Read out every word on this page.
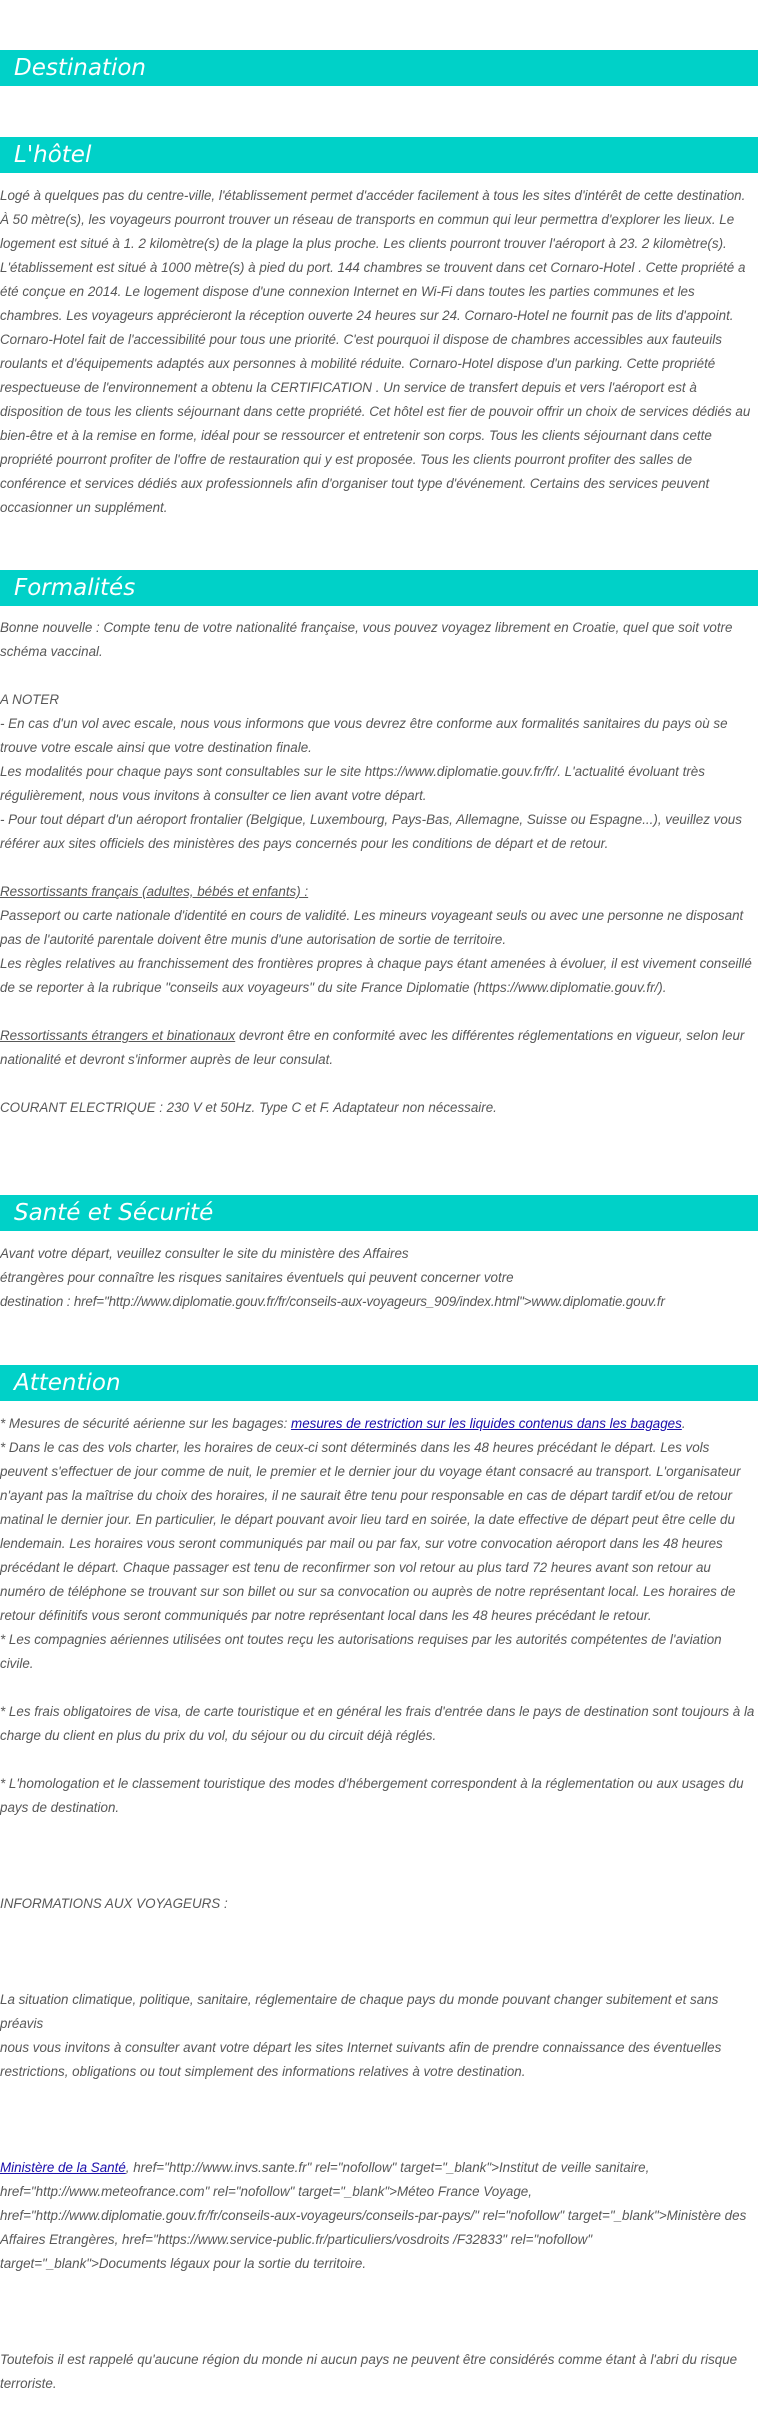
Destination
L'hôtel

Logé à quelques pas du centre-ville, l'établissement permet d'accéder facilement à tous les sites d'intérêt de cette destination. À 50 mètre(s), les voyageurs pourront trouver un réseau de transports en commun qui leur permettra d'explorer les lieux. Le logement est situé à 1. 2 kilomètre(s) de la plage la plus proche. Les clients pourront trouver l'aéroport à 23. 2 kilomètre(s). L'établissement est situé à 1000 mètre(s) à pied du port. 144 chambres se trouvent dans cet Cornaro-Hotel . Cette propriété a été conçue en 2014. Le logement dispose d'une connexion Internet en Wi-Fi dans toutes les parties communes et les chambres. Les voyageurs apprécieront la réception ouverte 24 heures sur 24. Cornaro-Hotel ne fournit pas de lits d'appoint. Cornaro-Hotel fait de l'accessibilité pour tous une priorité. C'est pourquoi il dispose de chambres accessibles aux fauteuils roulants et d'équipements adaptés aux personnes à mobilité réduite. Cornaro-Hotel dispose d'un parking. Cette propriété respectueuse de l'environnement a obtenu la CERTIFICATION . Un service de transfert depuis et vers l'aéroport est à disposition de tous les clients séjournant dans cette propriété. Cet hôtel est fier de pouvoir offrir un choix de services dédiés au bien-être et à la remise en forme, idéal pour se ressourcer et entretenir son corps. Tous les clients séjournant dans cette propriété pourront profiter de l'offre de restauration qui y est proposée. Tous les clients pourront profiter des salles de conférence et services dédiés aux professionnels afin d'organiser tout type d'événement. Certains des services peuvent occasionner un supplément.

Formalités

Bonne nouvelle : Compte tenu de votre nationalité française, vous pouvez voyagez librement en Croatie, quel que soit votre schéma vaccinal.

A NOTER

- En cas d'un vol avec escale, nous vous informons que vous devrez être conforme aux formalités sanitaires du pays où se trouve votre escale ainsi que votre destination finale.

Les modalités pour chaque pays sont consultables sur le site https://www.diplomatie.gouv.fr/fr/. L'actualité évoluant très régulièrement, nous vous invitons à consulter ce lien avant votre départ.

- Pour tout départ d'un aéroport frontalier (Belgique, Luxembourg, Pays-Bas, Allemagne, Suisse ou Espagne...), veuillez vous référer aux sites officiels des ministères des pays concernés pour les conditions de départ et de retour.

Ressortissants français (adultes, bébés et enfants) :

Passeport ou carte nationale d'identité en cours de validité. Les mineurs voyageant seuls ou avec une personne ne disposant pas de l'autorité parentale doivent être munis d'une autorisation de sortie de territoire.

Les règles relatives au franchissement des frontières propres à chaque pays étant amenées à évoluer, il est vivement conseillé de se reporter à la rubrique "conseils aux voyageurs" du site France Diplomatie (https://www.diplomatie.gouv.fr/).

Ressortissants étrangers et binationaux devront être en conformité avec les différentes réglementations en vigueur, selon leur nationalité et devront s'informer auprès de leur consulat.

COURANT ELECTRIQUE : 230 V et 50Hz. Type C et F. Adaptateur non nécessaire.

Santé et Sécurité

Avant votre départ, veuillez consulter le site du ministère des Affaires

étrangères pour connaître les risques sanitaires éventuels qui peuvent concerner votre

destination : href="http://www.diplomatie.gouv.fr/fr/conseils-aux-voyageurs_909/index.html">www.diplomatie.gouv.fr

Attention

* Mesures de sécurité aérienne sur les bagages: mesures de restriction sur les liquides contenus dans les bagages.

* Dans le cas des vols charter, les horaires de ceux-ci sont déterminés dans les 48 heures précédant le départ. Les vols peuvent s'effectuer de jour comme de nuit, le premier et le dernier jour du voyage étant consacré au transport. L'organisateur n'ayant pas la maîtrise du choix des horaires, il ne saurait être tenu pour responsable en cas de départ tardif et/ou de retour matinal le dernier jour. En particulier, le départ pouvant avoir lieu tard en soirée, la date effective de départ peut être celle du lendemain. Les horaires vous seront communiqués par mail ou par fax, sur votre convocation aéroport dans les 48 heures précédant le départ. Chaque passager est tenu de reconfirmer son vol retour au plus tard 72 heures avant son retour au numéro de téléphone se trouvant sur son billet ou sur sa convocation ou auprès de notre représentant local. Les horaires de retour définitifs vous seront communiqués par notre représentant local dans les 48 heures précédant le retour.

* Les compagnies aériennes utilisées ont toutes reçu les autorisations requises par les autorités compétentes de l'aviation civile.

* Les frais obligatoires de visa, de carte touristique et en général les frais d'entrée dans le pays de destination sont toujours à la charge du client en plus du prix du vol, du séjour ou du circuit déjà réglés.

* L'homologation et le classement touristique des modes d'hébergement correspondent à la réglementation ou aux usages du pays de destination.

INFORMATIONS AUX VOYAGEURS :

La situation climatique, politique, sanitaire, réglementaire de chaque pays du monde pouvant changer subitement et sans préavis

nous vous invitons à consulter avant votre départ les sites Internet suivants afin de prendre connaissance des éventuelles restrictions, obligations ou tout simplement des informations relatives à votre destination.

Ministère de la Santé, href="http://www.invs.sante.fr" rel="nofollow" target="_blank">Institut de veille sanitaire, href="http://www.meteofrance.com" rel="nofollow" target="_blank">Méteo France Voyage, href="http://www.diplomatie.gouv.fr/fr/conseils-aux-voyageurs/conseils-par-pays/" rel="nofollow" target="_blank">Ministère des Affaires Etrangères, href="https://www.service-public.fr/particuliers/vosdroits /F32833" rel="nofollow" target="_blank">Documents légaux pour la sortie du territoire.

Toutefois il est rappelé qu'aucune région du monde ni aucun pays ne peuvent être considérés comme étant à l'abri du risque terroriste.
